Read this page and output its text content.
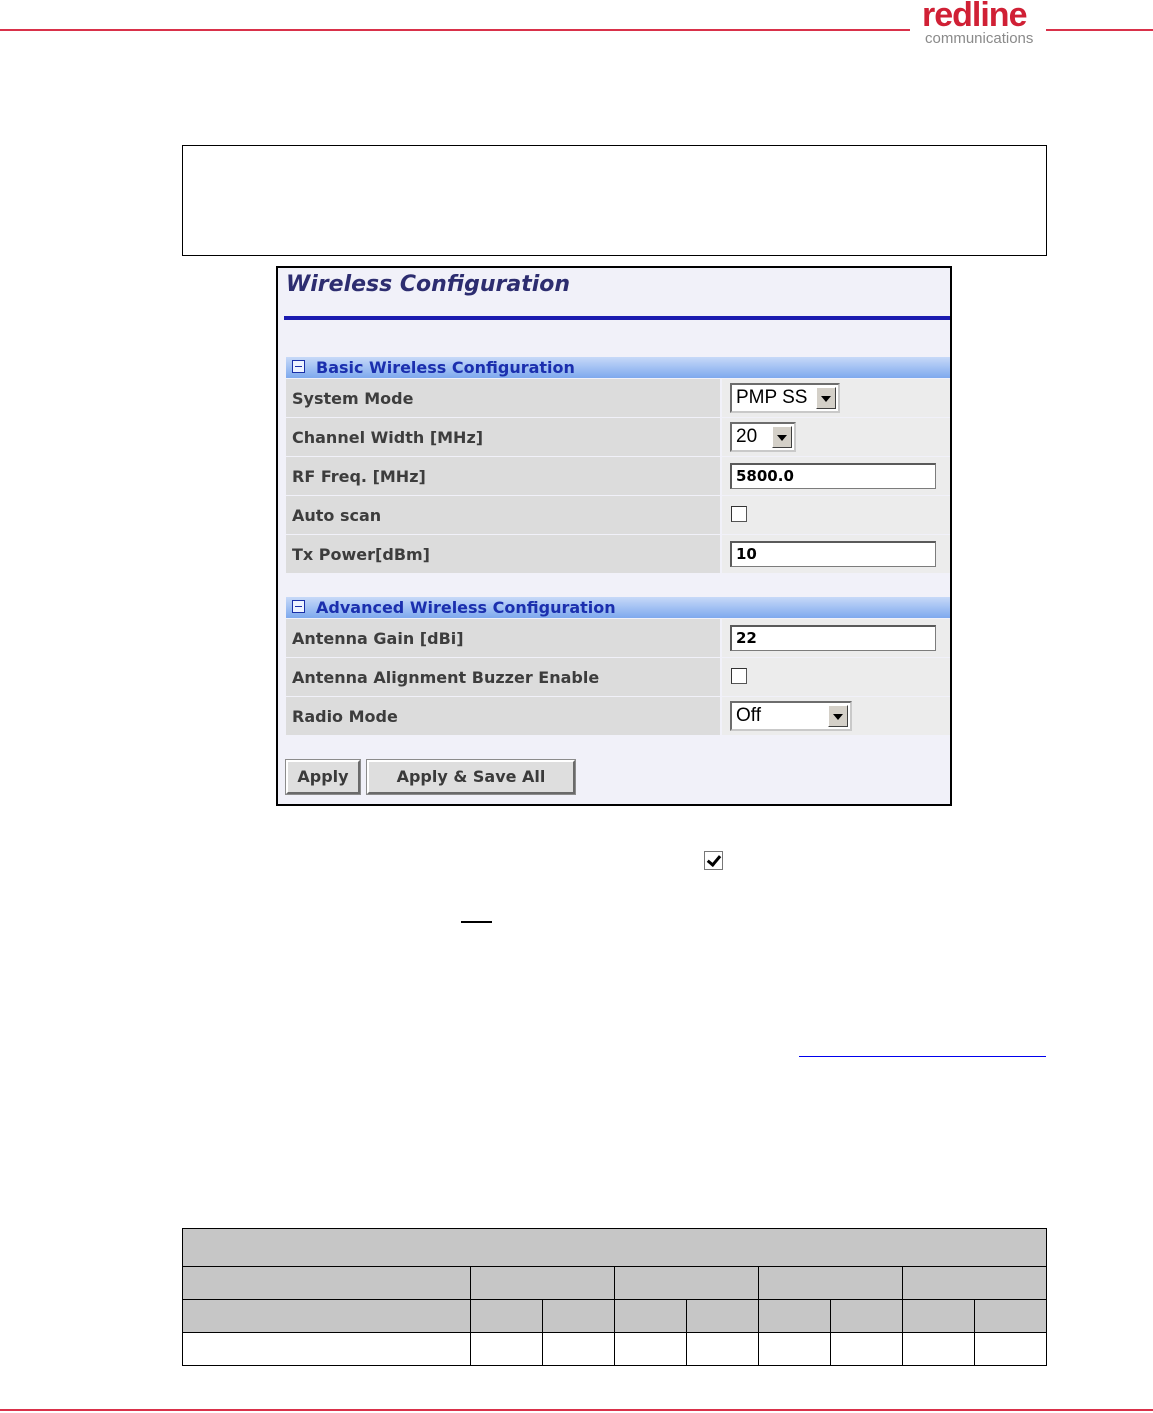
redline
communications
Wireless Configuration
Basic Wireless Configuration
System Mode	PMP SS
Channel Width [MHz]	20
RF Freq. [MHz]	5800.0
Auto scan
Tx Power[dBm]	10
Advanced Wireless Configuration
Antenna Gain [dBi]	22
Antenna Alignment Buzzer Enable
Radio Mode	Off
Apply	Apply & Save All
